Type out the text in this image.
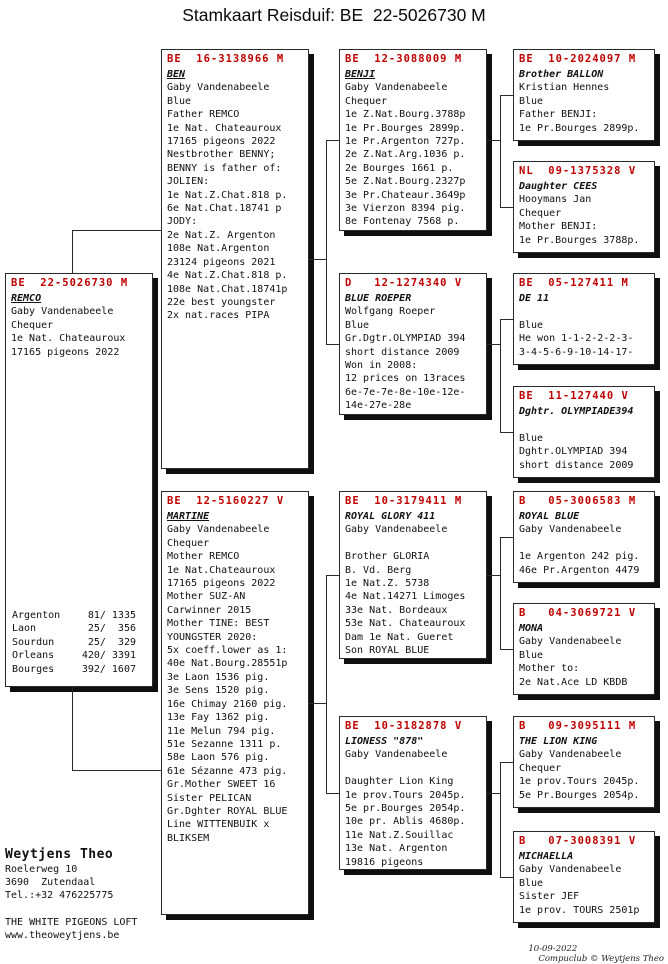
Stamkaart Reisduif: BE  22-5026730 M
BE  22-5026730 M
REMCO
Gaby Vandenabeele
Chequer
1e Nat. Chateauroux
17165 pigeons 2022
Argenton	81/ 1335
Laon	25/  356
Sourdun	25/  329
Orleans	420/ 3391
Bourges	392/ 1607
BE  16-3138966 M
BEN
Gaby Vandenabeele
Blue
Father REMCO
1e Nat. Chateauroux
17165 pigeons 2022
Nestbrother BENNY;
BENNY is father of:
JOLIEN:
1e Nat.Z.Chat.818 p.
6e Nat.Chat.18741 p
JODY:
2e Nat.Z. Argenton
108e Nat.Argenton
23124 pigeons 2021
4e Nat.Z.Chat.818 p.
108e Nat.Chat.18741p
22e best youngster
2x nat.races PIPA
BE  12-5160227 V
MARTINE
Gaby Vandenabeele
Chequer
Mother REMCO
1e Nat.Chateauroux
17165 pigeons 2022
Mother SUZ-AN
Carwinner 2015
Mother TINE: BEST
YOUNGSTER 2020:
5x coeff.lower as 1:
40e Nat.Bourg.28551p
3e Laon 1536 pig.
3e Sens 1520 pig.
16e Chimay 2160 pig.
13e Fay 1362 pig.
11e Melun 794 pig.
51e Sezanne 1311 p.
58e Laon 576 pig.
61e Sézanne 473 pig.
Gr.Mother SWEET 16
Sister PELICAN
Gr.Dghter ROYAL BLUE
Line WITTENBUIK x
BLIKSEM
BE  12-3088009 M
BENJI
Gaby Vandenabeele
Chequer
1e Z.Nat.Bourg.3788p
1e Pr.Bourges 2899p.
1e Pr.Argenton 727p.
2e Z.Nat.Arg.1036 p.
2e Bourges 1661 p.
5e Z.Nat.Bourg.2327p
3e Pr.Chateaur.3649p
3e Vierzon 8394 pig.
8e Fontenay 7568 p.
D   12-1274340 V
BLUE ROEPER
Wolfgang Roeper
Blue
Gr.Dgtr.OLYMPIAD 394
short distance 2009
Won in 2008:
12 prices on 13races
6e-7e-7e-8e-10e-12e-
14e-27e-28e
BE  10-3179411 M
ROYAL GLORY 411
Gaby Vandenabeele

Brother GLORIA
B. Vd. Berg
1e Nat.Z. 5738
4e Nat.14271 Limoges
33e Nat. Bordeaux
53e Nat. Chateauroux
Dam 1e Nat. Gueret
Son ROYAL BLUE
BE  10-3182878 V
LIONESS "878"
Gaby Vandenabeele

Daughter Lion King
1e prov.Tours 2045p.
5e pr.Bourges 2054p.
10e pr. Ablis 4680p.
11e Nat.Z.Souillac
13e Nat. Argenton
19816 pigeons
BE  10-2024097 M
Brother BALLON
Kristian Hennes
Blue
Father BENJI:
1e Pr.Bourges 2899p.
NL  09-1375328 V
Daughter CEES
Hooymans Jan
Chequer
Mother BENJI:
1e Pr.Bourges 3788p.
BE  05-127411 M
DE 11

Blue
He won 1-1-2-2-2-3-
3-4-5-6-9-10-14-17-
BE  11-127440 V
Dghtr. OLYMPIADE394

Blue
Dghtr.OLYMPIAD 394
short distance 2009
B   05-3006583 M
ROYAL BLUE
Gaby Vandenabeele

1e Argenton 242 pig.
46e Pr.Argenton 4479
B   04-3069721 V
MONA
Gaby Vandenabeele
Blue
Mother to:
2e Nat.Ace LD KBDB
B   09-3095111 M
THE LION KING
Gaby Vandenabeele
Chequer
1e prov.Tours 2045p.
5e Pr.Bourges 2054p.
B   07-3008391 V
MICHAELLA
Gaby Vandenabeele
Blue
Sister JEF
1e prov. TOURS 2501p
Weytjens Theo
Roelerweg 10
3690  Zutendaal
Tel.:+32 476225775
THE WHITE PIGEONS LOFT
www.theoweytjens.be

10-09-2022
Compuclub © Weytjens Theo
